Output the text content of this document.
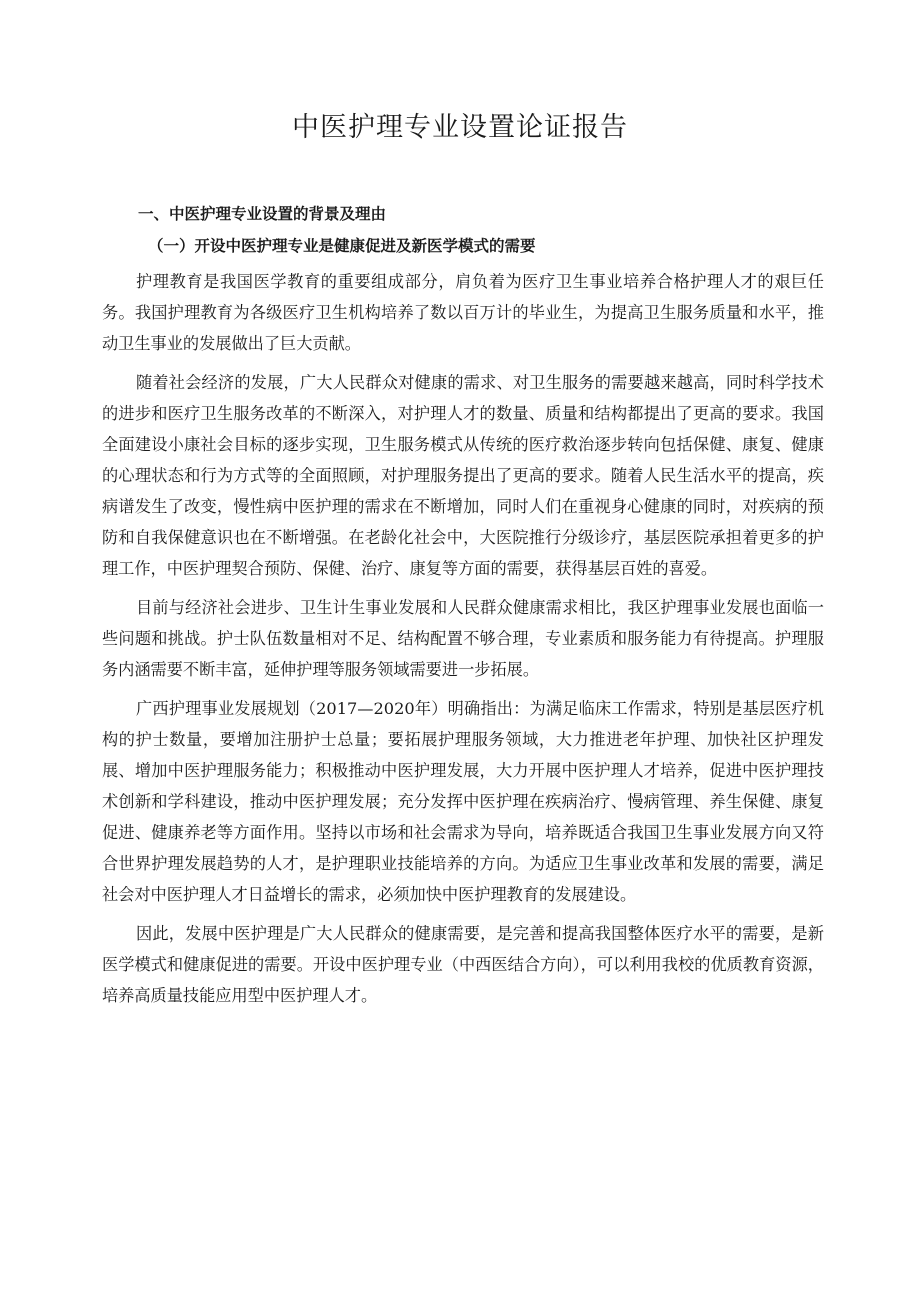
中医护理专业设置论证报告

一、中医护理专业设置的背景及理由

（一）开设中医护理专业是健康促进及新医学模式的需要

护理教育是我国医学教育的重要组成部分，肩负着为医疗卫生事业培养合格护理人才的艰巨任务。我国护理教育为各级医疗卫生机构培养了数以百万计的毕业生，为提高卫生服务质量和水平，推动卫生事业的发展做出了巨大贡献。

随着社会经济的发展，广大人民群众对健康的需求、对卫生服务的需要越来越高，同时科学技术的进步和医疗卫生服务改革的不断深入，对护理人才的数量、质量和结构都提出了更高的要求。我国全面建设小康社会目标的逐步实现，卫生服务模式从传统的医疗救治逐步转向包括保健、康复、健康的心理状态和行为方式等的全面照顾，对护理服务提出了更高的要求。随着人民生活水平的提高，疾病谱发生了改变，慢性病中医护理的需求在不断增加，同时人们在重视身心健康的同时，对疾病的预防和自我保健意识也在不断增强。在老龄化社会中，大医院推行分级诊疗，基层医院承担着更多的护理工作，中医护理契合预防、保健、治疗、康复等方面的需要，获得基层百姓的喜爱。

目前与经济社会进步、卫生计生事业发展和人民群众健康需求相比，我区护理事业发展也面临一些问题和挑战。护士队伍数量相对不足、结构配置不够合理，专业素质和服务能力有待提高。护理服务内涵需要不断丰富，延伸护理等服务领域需要进一步拓展。

广西护理事业发展规划（2017—2020年）明确指出：为满足临床工作需求，特别是基层医疗机构的护士数量，要增加注册护士总量；要拓展护理服务领域，大力推进老年护理、加快社区护理发展、增加中医护理服务能力；积极推动中医护理发展，大力开展中医护理人才培养，促进中医护理技术创新和学科建设，推动中医护理发展；充分发挥中医护理在疾病治疗、慢病管理、养生保健、康复促进、健康养老等方面作用。坚持以市场和社会需求为导向，培养既适合我国卫生事业发展方向又符合世界护理发展趋势的人才，是护理职业技能培养的方向。为适应卫生事业改革和发展的需要，满足社会对中医护理人才日益增长的需求，必须加快中医护理教育的发展建设。

因此，发展中医护理是广大人民群众的健康需要，是完善和提高我国整体医疗水平的需要，是新医学模式和健康促进的需要。开设中医护理专业（中西医结合方向），可以利用我校的优质教育资源，培养高质量技能应用型中医护理人才。
